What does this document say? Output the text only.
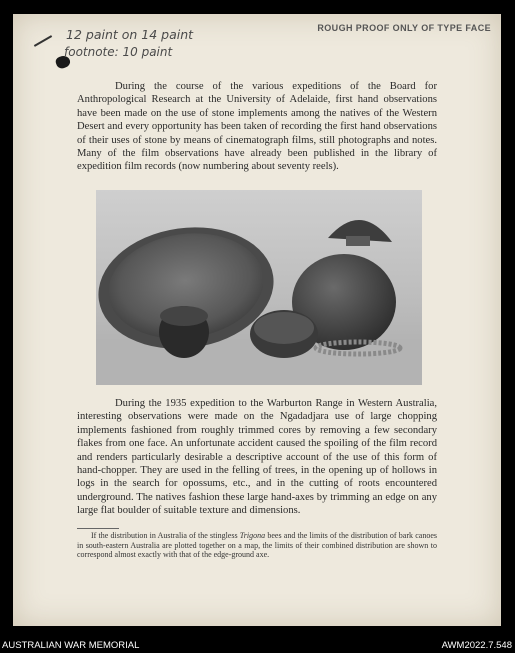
12 paint on 14 paint
footnote: 10 paint
ROUGH PROOF ONLY OF TYPE FACE

During the course of the various expeditions of the Board for Anthropological Research at the University of Adelaide, first hand observations have been made on the use of stone implements among the natives of the Western Desert and every opportunity has been taken of recording the first hand observations of their uses of stone by means of cinematograph films, still photographs and notes. Many of the film observations have already been published in the library of expedition film records (now numbering about seventy reels).

During the 1935 expedition to the Warburton Range in Western Australia, interesting observations were made on the Ngadadjara use of large chopping implements fashioned from roughly trimmed cores by removing a few secondary flakes from one face. An unfortunate accident caused the spoiling of the film record and renders particularly desirable a descriptive account of the use of this form of hand-chopper. They are used in the felling of trees, in the opening up of hollows in logs in the search for opossums, etc., and in the cutting of roots encountered underground. The natives fashion these large hand-axes by trimming an edge on any large flat boulder of suitable texture and dimensions.

If the distribution in Australia of the stingless Trigona bees and the limits of the distribution of bark canoes in south-eastern Australia are plotted together on a map, the limits of their combined distribution are shown to correspond almost exactly with that of the edge-ground axe.

AUSTRALIAN WAR MEMORIAL	AWM2022.7.548
